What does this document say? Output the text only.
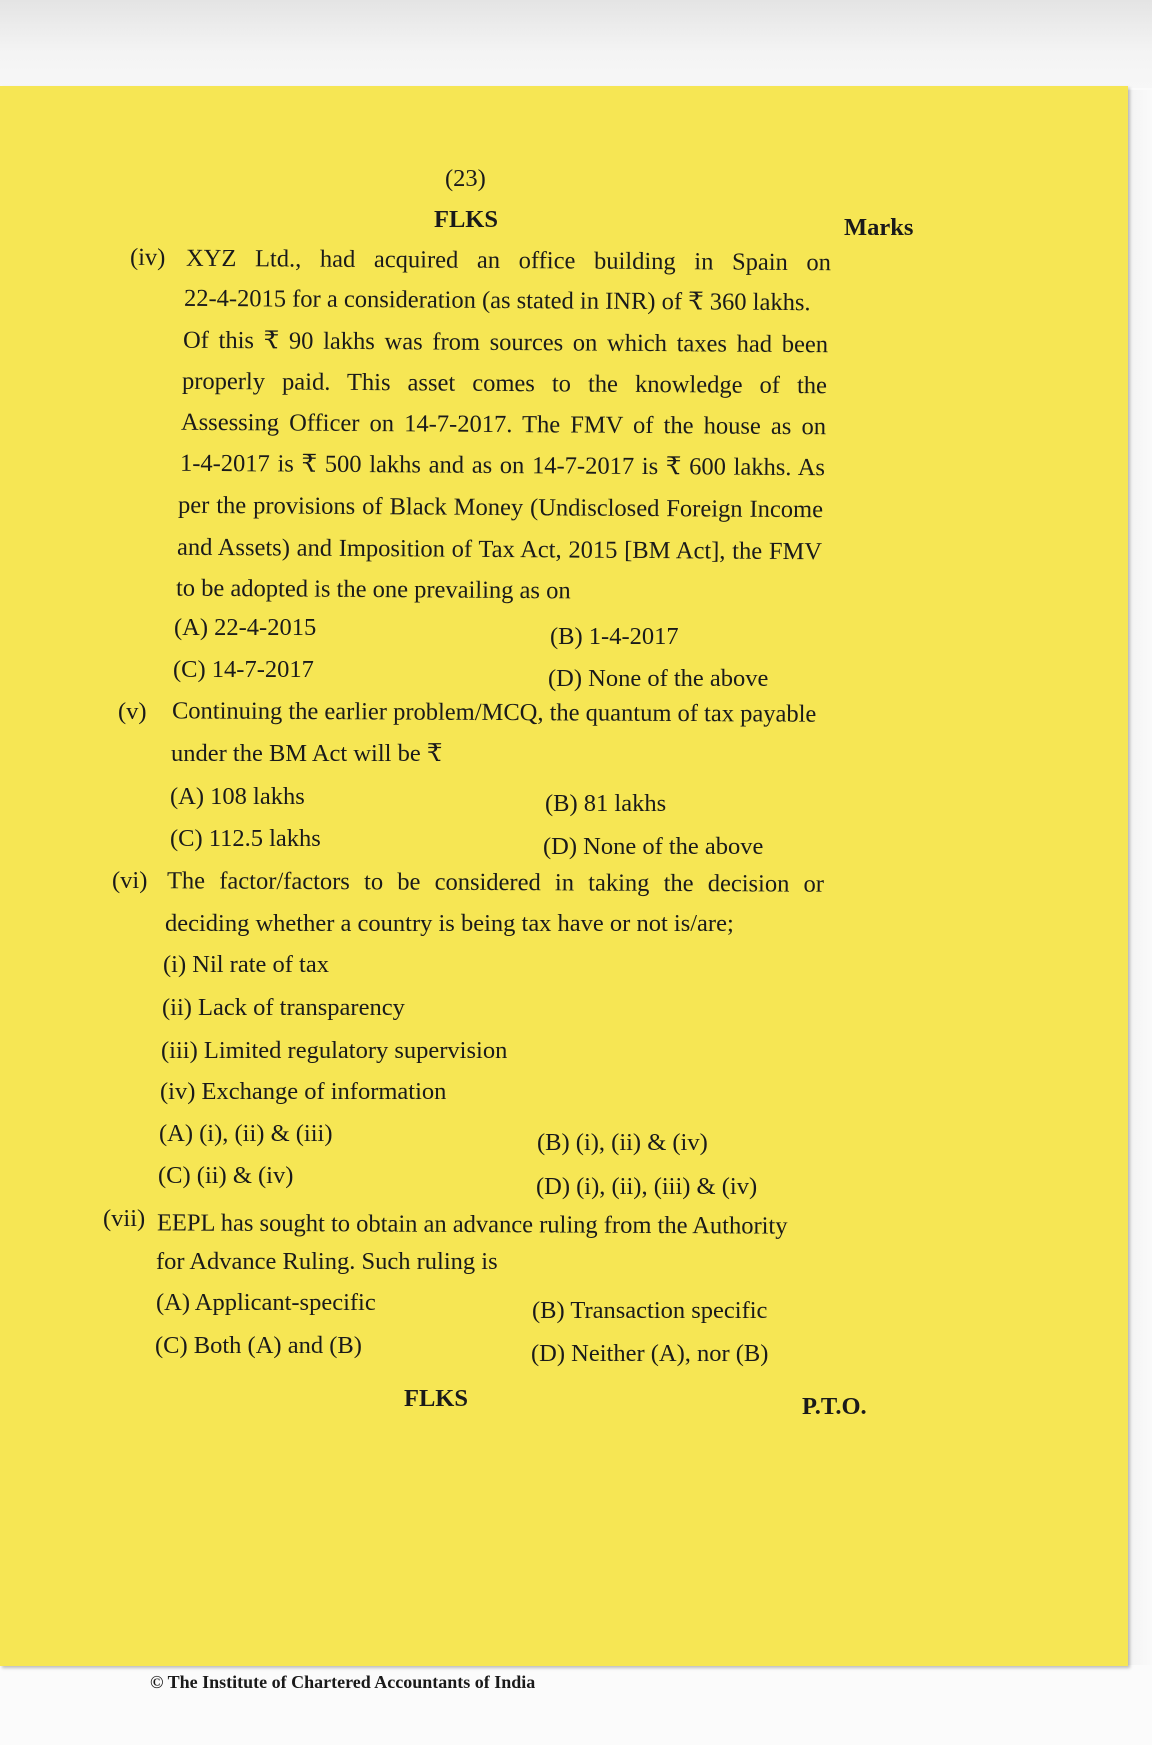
(23)
FLKS	Marks
(iv) XYZ Ltd., had acquired an office building in Spain on
22-4-2015 for a consideration (as stated in INR) of ₹ 360 lakhs.
Of this ₹ 90 lakhs was from sources on which taxes had been
properly paid. This asset comes to the knowledge of the
Assessing Officer on 14-7-2017. The FMV of the house as on
1-4-2017 is ₹ 500 lakhs and as on 14-7-2017 is ₹ 600 lakhs. As
per the provisions of Black Money (Undisclosed Foreign Income
and Assets) and Imposition of Tax Act, 2015 [BM Act], the FMV
to be adopted is the one prevailing as on
(A) 22-4-2015	(B) 1-4-2017
(C) 14-7-2017	(D) None of the above
(v) Continuing the earlier problem/MCQ, the quantum of tax payable
under the BM Act will be ₹
(A) 108 lakhs	(B) 81 lakhs
(C) 112.5 lakhs	(D) None of the above
(vi) The factor/factors to be considered in taking the decision or
deciding whether a country is being tax have or not is/are;
(i) Nil rate of tax
(ii) Lack of transparency
(iii) Limited regulatory supervision
(iv) Exchange of information
(A) (i), (ii) & (iii)	(B) (i), (ii) & (iv)
(C) (ii) & (iv)	(D) (i), (ii), (iii) & (iv)
(vii) EEPL has sought to obtain an advance ruling from the Authority
for Advance Ruling. Such ruling is
(A) Applicant-specific	(B) Transaction specific
(C) Both (A) and (B)	(D) Neither (A), nor (B)
FLKS	P.T.O.
© The Institute of Chartered Accountants of India
